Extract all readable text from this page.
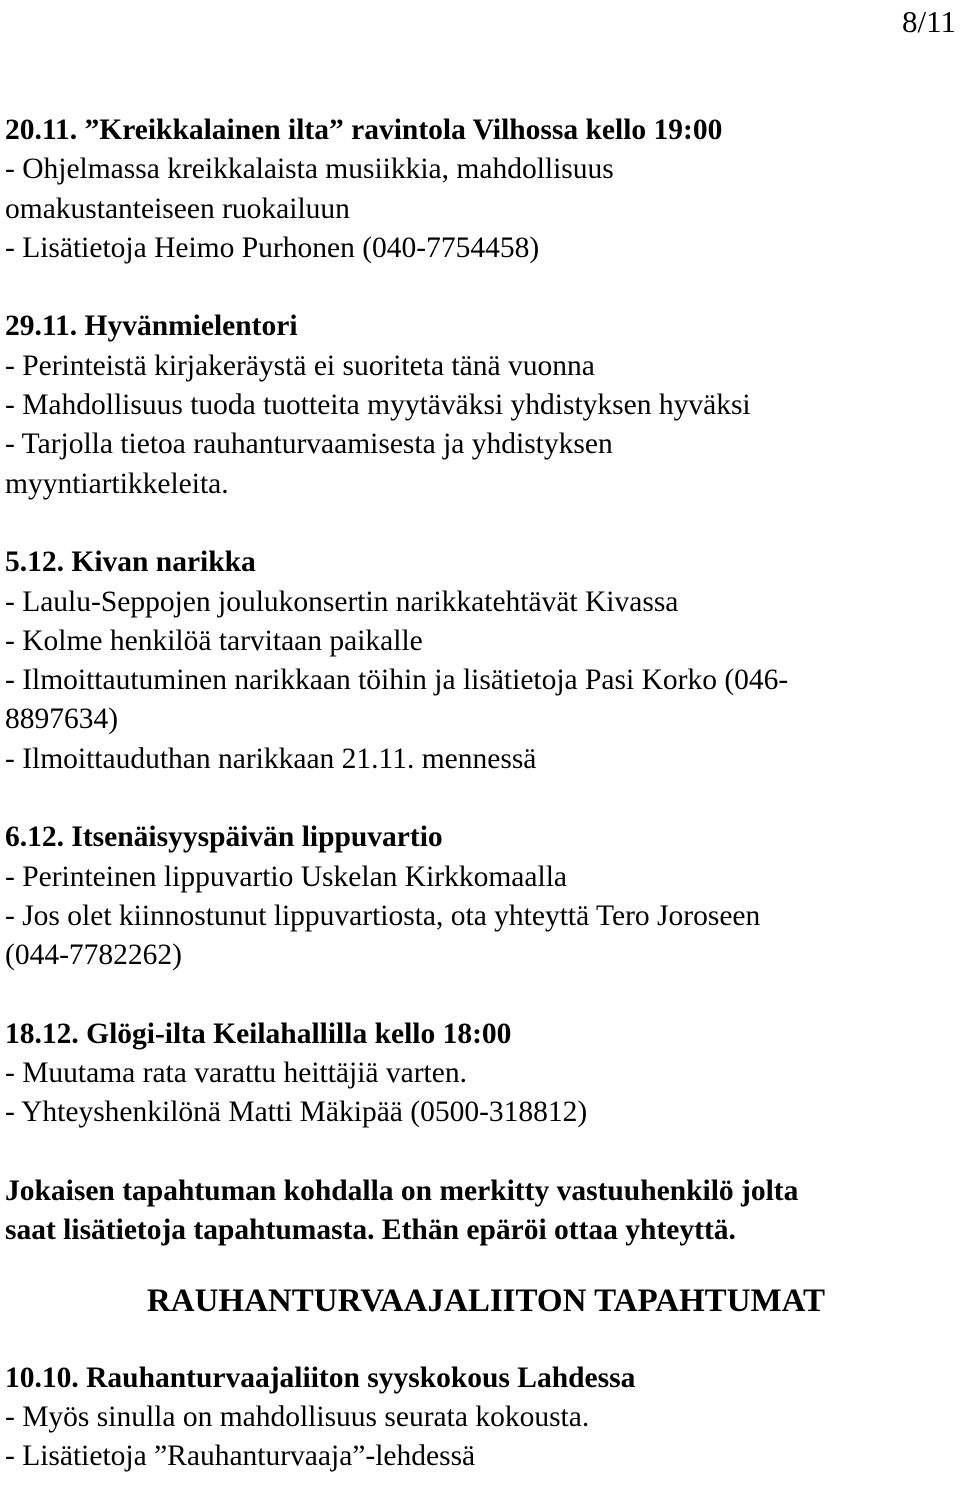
8/11
20.11. ”Kreikkalainen ilta” ravintola Vilhossa kello 19:00
- Ohjelmassa kreikkalaista musiikkia, mahdollisuus
omakustanteiseen ruokailuun
- Lisätietoja Heimo Purhonen (040-7754458)
29.11. Hyvänmielentori
- Perinteistä kirjakeräystä ei suoriteta tänä vuonna
- Mahdollisuus tuoda tuotteita myytäväksi yhdistyksen hyväksi
- Tarjolla tietoa rauhanturvaamisesta ja yhdistyksen
myyntiartikkeleita.
5.12. Kivan narikka
- Laulu-Seppojen joulukonsertin narikkatehtävät Kivassa
- Kolme henkilöä tarvitaan paikalle
- Ilmoittautuminen narikkaan töihin ja lisätietoja Pasi Korko (046-
8897634)
- Ilmoittauduthan narikkaan 21.11. mennessä
6.12. Itsenäisyyspäivän lippuvartio
- Perinteinen lippuvartio Uskelan Kirkkomaalla
- Jos olet kiinnostunut lippuvartiosta, ota yhteyttä Tero Joroseen
(044-7782262)
18.12. Glögi-ilta Keilahallilla kello 18:00
- Muutama rata varattu heittäjiä varten.
- Yhteyshenkilönä Matti Mäkipää (0500-318812)
Jokaisen tapahtuman kohdalla on merkitty vastuuhenkilö jolta
saat lisätietoja tapahtumasta. Ethän epäröi ottaa yhteyttä.
RAUHANTURVAAJALIITON TAPAHTUMAT
10.10. Rauhanturvaajaliiton syyskokous Lahdessa
- Myös sinulla on mahdollisuus seurata kokousta.
- Lisätietoja ”Rauhanturvaaja”-lehdessä
